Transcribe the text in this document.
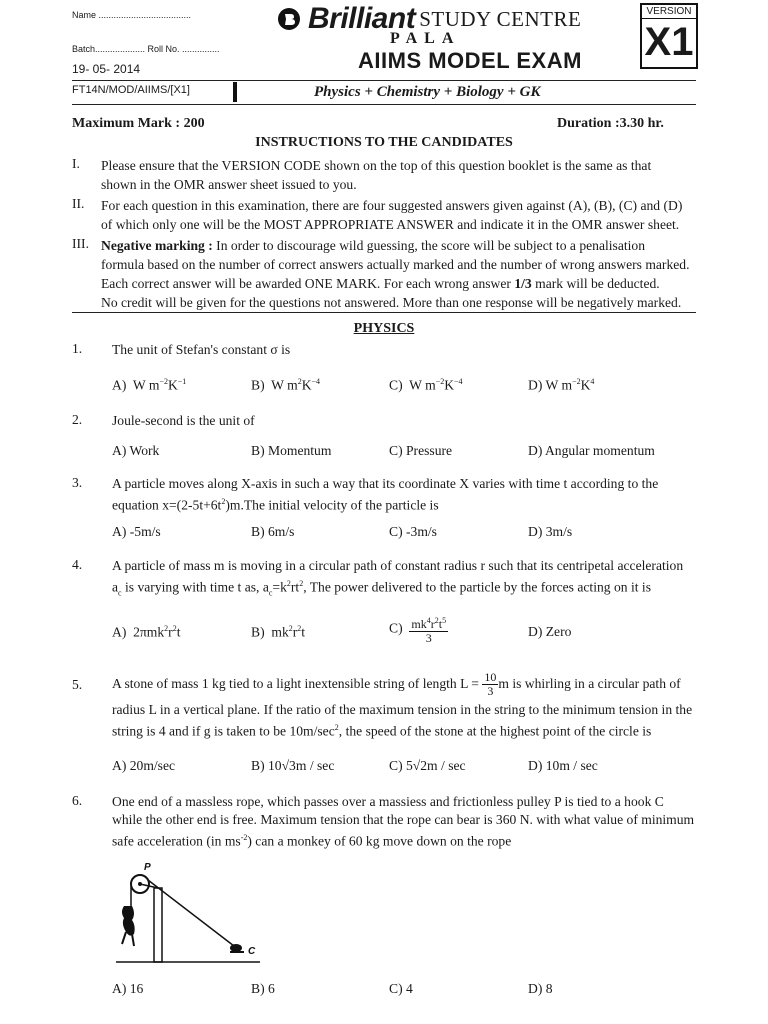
Name .....................................
Batch.................... Roll No. ...............
19- 05- 2014
Brilliant STUDY CENTRE
PALA
AIIMS MODEL EXAM
VERSION
X1
FT14N/MOD/AIIMS/[X1]	Physics + Chemistry + Biology + GK
Maximum Mark : 200	Duration :3.30 hr.
INSTRUCTIONS TO THE CANDIDATES
I. Please ensure that the VERSION CODE shown on the top of this question booklet is the same as that
shown in the OMR answer sheet issued to you.
II. For each question in this examination, there are four suggested answers given against (A), (B), (C) and (D)
of which only one will be the MOST APPROPRIATE ANSWER and indicate it in the OMR answer sheet.
III. Negative marking : In order to discourage wild guessing, the score will be subject to a penalisation
formula based on the number of correct answers actually marked and the number of wrong answers marked.
Each correct answer will be awarded ONE MARK. For each wrong answer 1/3 mark will be deducted.
No credit will be given for the questions not answered. More than one response will be negatively marked.
PHYSICS
1. The unit of Stefan's constant σ is
A)  W $m^{-2}K^{-1}$	B)  W $m^2K^{-4}$	C)  W $m^{-2}K^{-4}$	D) W $m^{-2}K^4$
2. Joule-second is the unit of
A) Work	B) Momentum	C) Pressure	D) Angular momentum
3. A particle moves along X-axis in such a way that its coordinate X varies with time t according to the
equation $x=(2-5t+6t^2)m.The$ initial velocity of the particle is
A) -5m/s	B) 6m/s	C) -3m/s	D) 3m/s
4. A particle of mass m is moving in a circular path of constant radius r such that its centripetal acceleration
$a_c$ is varying with time t as, $a_c=k^2rt^2$, The power delivered to the particle by the forces acting on it is
A)  $2\pi mk^2r^2t$	B)  $mk^2r^2t$	$C) \frac{mk^4r^2t^5}{3}$	D) Zero
5. A stone of mass 1 kg tied to a light inextensible string of length $L = \frac{10}{3}$ m is whirling in a circular path of
radius L in a vertical plane. If the ratio of the maximum tension in the string to the minimum tension in the
string is 4 and if g is taken to be $10m/\sec^2$, the speed of the stone at the highest point of the circle is
A) 20m/sec	B) 10√3m / sec	C) 5√2m / sec	D) 10m / sec
6. One end of a massless rope, which passes over a massiess and frictionless pulley P is tied to a hook C
while the other end is free. Maximum tension that the rope can bear is 360 N. with what value of minimum
safe acceleration (in $ms^{-2}$) can a monkey of 60 kg move down on the rope
P
C
A) 16	B) 6	C) 4	D) 8
